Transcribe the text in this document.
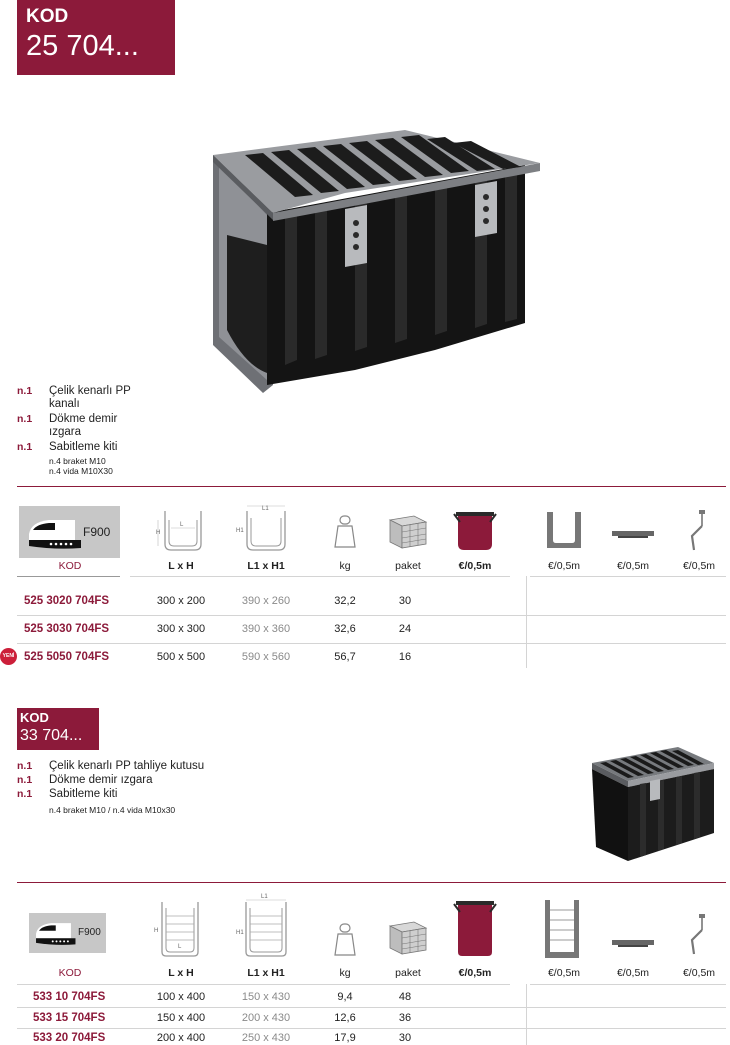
KOD
25 704...
n.1 Çelik kenarlı PP
kanalı
n.1 Dökme demir
ızgara
n.1 Sabitleme kiti
n.4 braket M10
n.4 vida M10X30
F900	H
L
L1
H1
KOD	L x H	L1 x H1	kg	paket	€/0,5m	€/0,5m	€/0,5m	€/0,5m
525 3020 704FS	300 x 200	390 x 260	32,2	30
525 3030 704FS	300 x 300	390 x 360	32,6	24
YENİ 525 5050 704FS	500 x 500	590 x 560	56,7	16
KOD
33 704...
n.1 Çelik kenarlı PP tahliye kutusu
n.1 Dökme demir ızgara
n.1 Sabitleme kiti
n.4 braket M10 / n.4 vida M10x30
F900	H
L
L1
H1
KOD	L x H	L1 x H1	kg	paket	€/0,5m	€/0,5m	€/0,5m	€/0,5m
533 10 704FS	100 x 400	150 x 430	9,4	48
533 15 704FS	150 x 400	200 x 430	12,6	36
533 20 704FS	200 x 400	250 x 430	17,9	30
